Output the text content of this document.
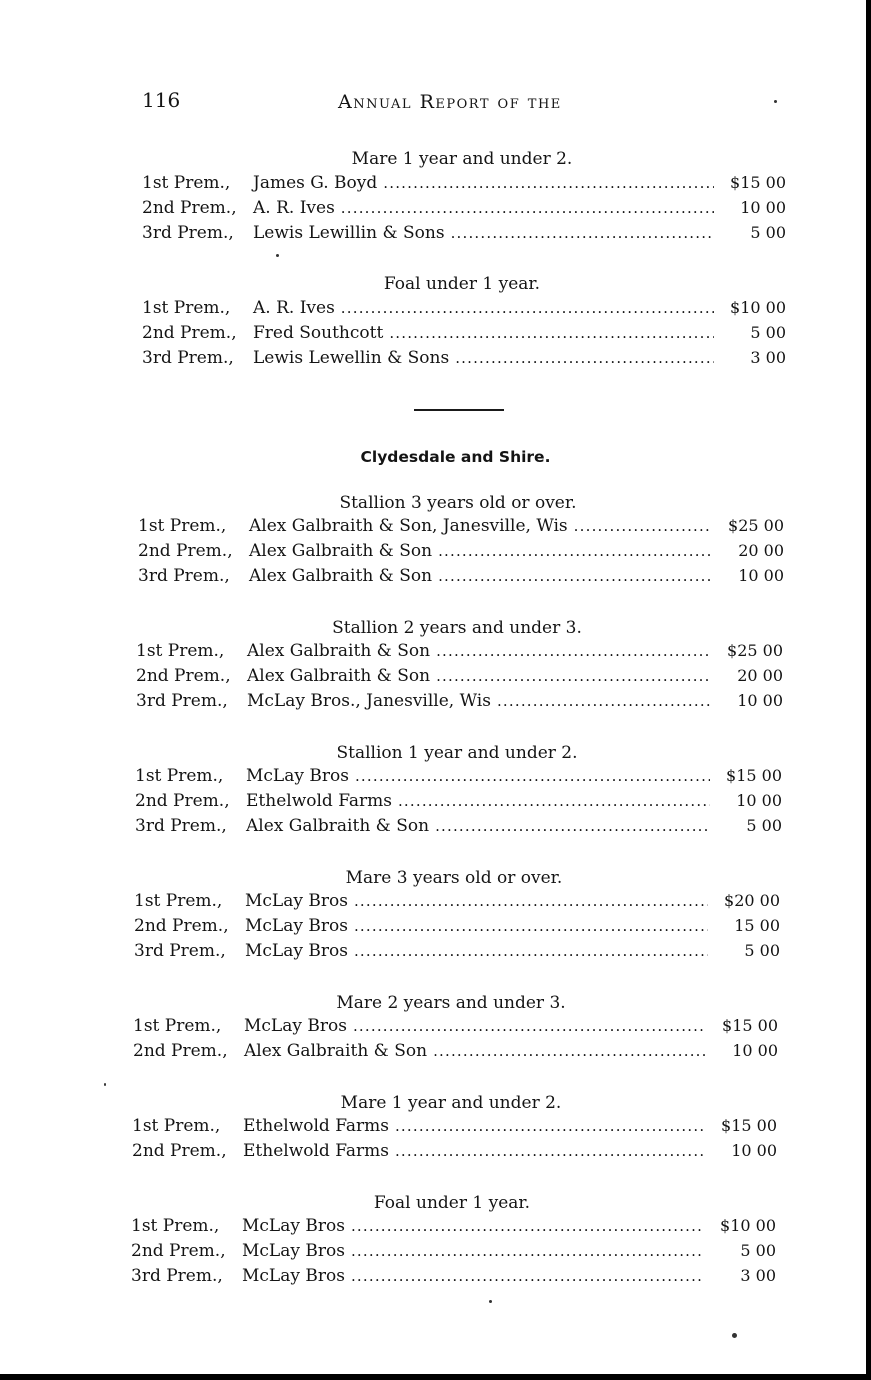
116	Annual Report of the
Clydesdale and Shire.
Mare 1 year and under 2.
1st Prem.,	James G. Boyd .....	$15 00
2nd Prem., A. R. Ives .....	10 00
3rd Prem.,	Lewis Lewillin & Sons .....	5 00
Foal under 1 year.
1st Prem.,	A. R. Ives .....	$10 00
2nd Prem., Fred Southcott .....	5 00
3rd Prem.,	Lewis Lewellin & Sons .....	3 00
Stallion 3 years old or over.
1st Prem.,	Alex Galbraith & Son, Janesville, Wis .....	$25 00
2nd Prem., Alex Galbraith & Son .....	20 00
3rd Prem.,	Alex Galbraith & Son .....	10 00
Stallion 2 years and under 3.
1st Prem.,	Alex Galbraith & Son .....	$25 00
2nd Prem., Alex Galbraith & Son .....	20 00
3rd Prem.,	McLay Bros., Janesville, Wis .....	10 00
Stallion 1 year and under 2.
1st Prem.,	McLay Bros .....	$15 00
2nd Prem., Ethelwold Farms .....	10 00
3rd Prem.,	Alex Galbraith & Son .....	5 00
Mare 3 years old or over.
1st Prem.,	McLay Bros .....	$20 00
2nd Prem., McLay Bros .....	15 00
3rd Prem.,	McLay Bros .....	5 00
Mare 2 years and under 3.
1st Prem.,	McLay Bros .....	$15 00
2nd Prem., Alex Galbraith & Son .....	10 00
Mare 1 year and under 2.
1st Prem.,	Ethelwold Farms .....	$15 00
2nd Prem., Ethelwold Farms .....	10 00
Foal under 1 year.
1st Prem.,	McLay Bros .....	$10 00
2nd Prem., McLay Bros .....	5 00
3rd Prem.,	McLay Bros .....	3 00
